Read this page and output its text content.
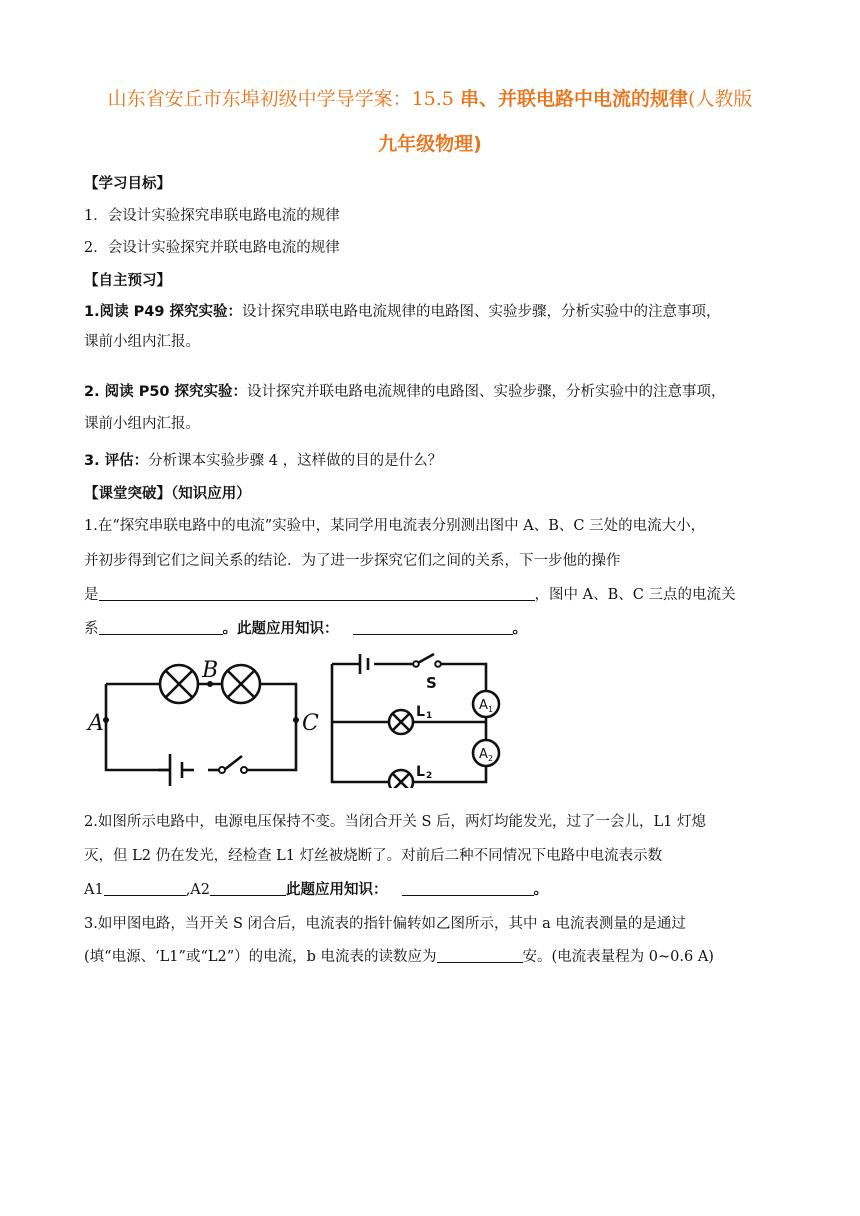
山东省安丘市东埠初级中学导学案：15.5 串、并联电路中电流的规律(人教版
九年级物理)
【学习目标】
1．会设计实验探究串联电路电流的规律
2．会设计实验探究并联电路电流的规律
【自主预习】
1.阅读 P49 探究实验：设计探究串联电路电流规律的电路图、实验步骤，分析实验中的注意事项，
课前小组内汇报。
2. 阅读 P50 探究实验：设计探究并联电路电流规律的电路图、实验步骤，分析实验中的注意事项，
课前小组内汇报。
3. 评估：分析课本实验步骤 4 ，这样做的目的是什么？
【课堂突破】（知识应用）
1.在“探究串联电路中的电流”实验中，某同学用电流表分别测出图中 A、B、C 三处的电流大小，
并初步得到它们之间关系的结论．为了进一步探究它们之间的关系，下一步他的操作
是	，图中 A、B、C 三点的电流关
系	。此题应用知识：	。
B
A	C
S
L 1
L 2
A 1
A 2
2.如图所示电路中，电源电压保持不变。当闭合开关 S 后，两灯均能发光，过了一会儿，L1 灯熄
灭，但 L2 仍在发光，经检查 L1 灯丝被烧断了。对前后二种不同情况下电路中电流表示数
A1	,A2	此题应用知识：	。
3.如甲图电路，当开关 S 闭合后，电流表的指针偏转如乙图所示，其中 a 电流表测量的是通过
(填“电源、‘L1”或“L2”）的电流，b 电流表的读数应为	安。(电流表量程为 0~0.6 A)
